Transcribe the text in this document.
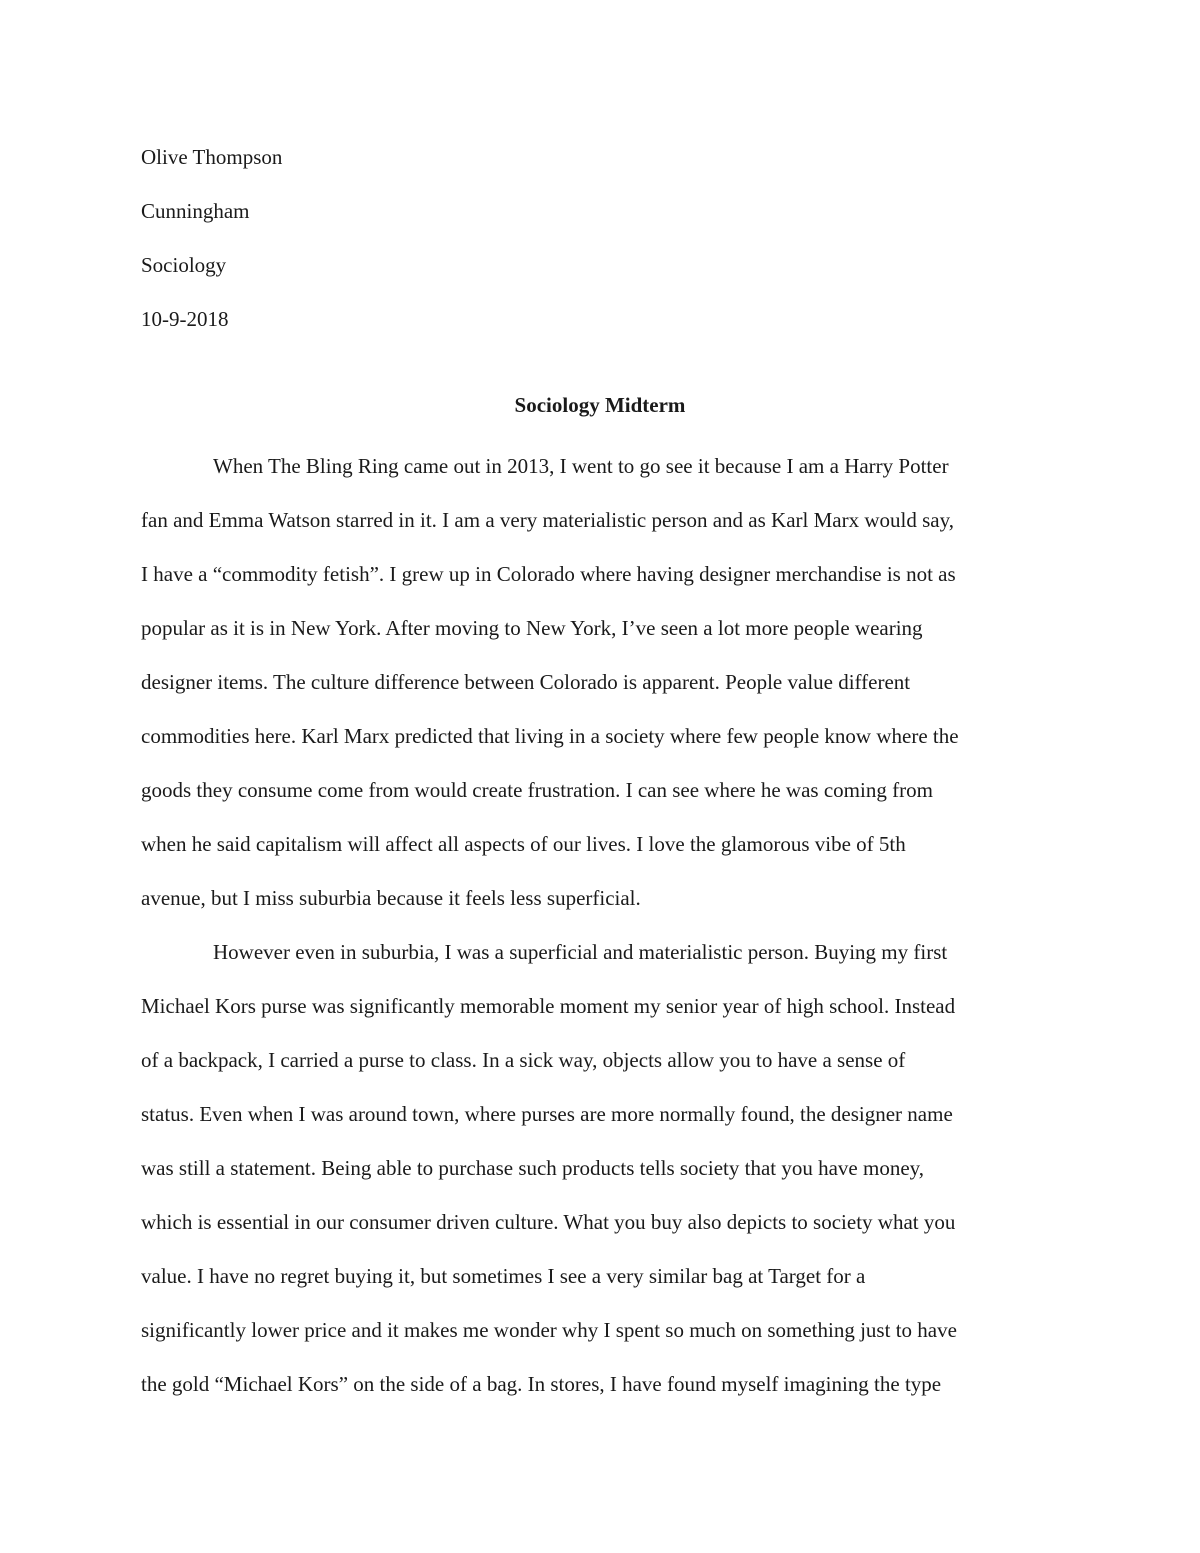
Olive Thompson
Cunningham
Sociology
10-9-2018
Sociology Midterm
When The Bling Ring came out in 2013, I went to go see it because I am a Harry Potter
fan and Emma Watson starred in it. I am a very materialistic person and as Karl Marx would say,
I have a “commodity fetish”. I grew up in Colorado where having designer merchandise is not as
popular as it is in New York. After moving to New York, I’ve seen a lot more people wearing
designer items. The culture difference between Colorado is apparent. People value different
commodities here. Karl Marx predicted that living in a society where few people know where the
goods they consume come from would create frustration. I can see where he was coming from
when he said capitalism will affect all aspects of our lives. I love the glamorous vibe of 5th
avenue, but I miss suburbia because it feels less superficial.
However even in suburbia, I was a superficial and materialistic person. Buying my first
Michael Kors purse was significantly memorable moment my senior year of high school. Instead
of a backpack, I carried a purse to class. In a sick way, objects allow you to have a sense of
status. Even when I was around town, where purses are more normally found, the designer name
was still a statement. Being able to purchase such products tells society that you have money,
which is essential in our consumer driven culture. What you buy also depicts to society what you
value. I have no regret buying it, but sometimes I see a very similar bag at Target for a
significantly lower price and it makes me wonder why I spent so much on something just to have
the gold “Michael Kors” on the side of a bag. In stores, I have found myself imagining the type
